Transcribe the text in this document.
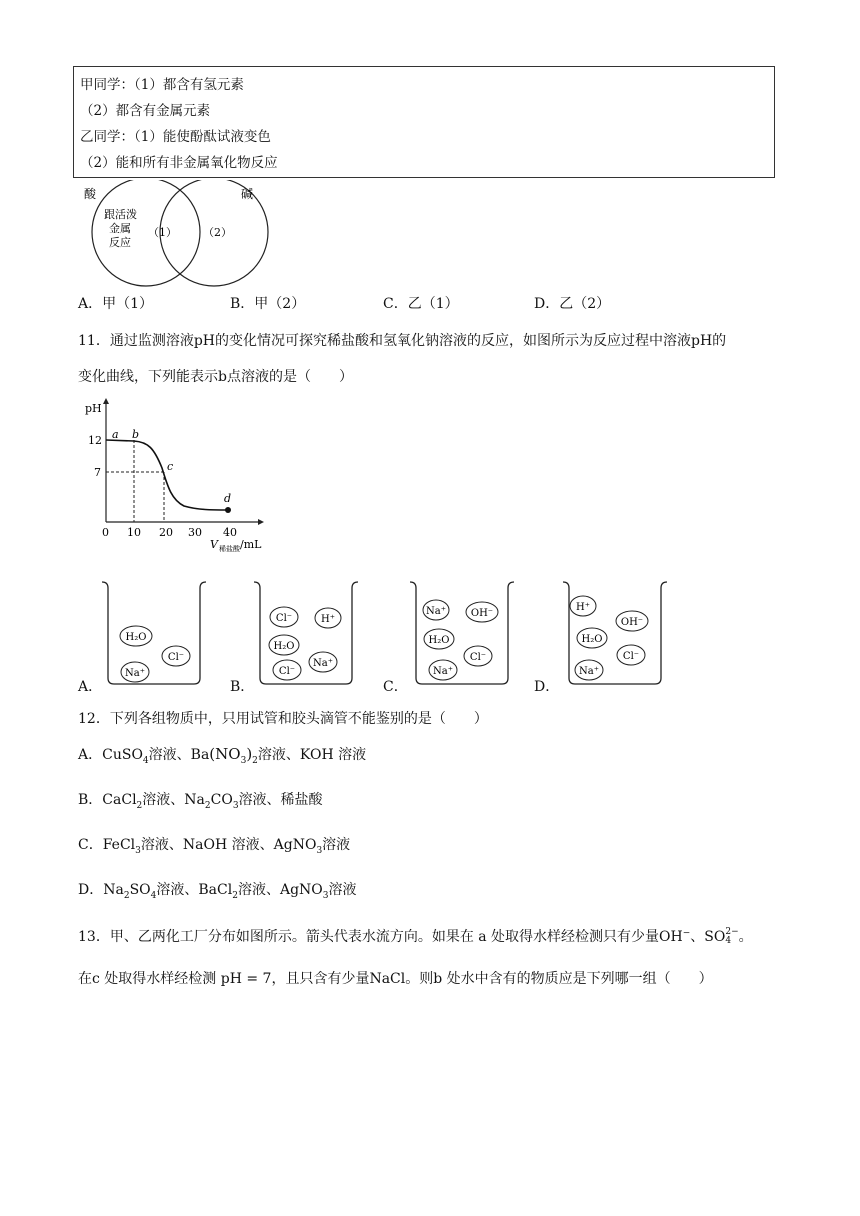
甲同学：（1）都含有氢元素
（2）都含有金属元素
乙同学：（1）能使酚酞试液变色
（2）能和所有非金属氧化物反应
酸	碱
跟活泼
金属
反应
（1） （2）
A．甲（1）	B．甲（2）	C．乙（1）	D．乙（2）
11．通过监测溶液pH的变化情况可探究稀盐酸和氢氧化钠溶液的反应，如图所示为反应过程中溶液pH的
变化曲线，下列能表示b点溶液的是（　　）
pH
12
7
0 10 20 30 40
a b
c
d
V 稀盐酸 /mL
A．
H₂O
Cl⁻
Na⁺
B．
Cl⁻	H⁺
H₂O
Na⁺
Cl⁻
C．
Na⁺ OH⁻
H₂O
Cl⁻
Na⁺
D．
H⁺
OH⁻
H₂O
Cl⁻
Na⁺
12．下列各组物质中，只用试管和胶头滴管不能鉴别的是（　　）
A．CuSO$_4$溶液、$Ba(NO_3)_2$溶液、KOH 溶液
B．CaCl$_2$溶液、$Na_2CO_3$溶液、稀盐酸
C．FeCl$_3$溶液、NaOH 溶液、AgNO$_3$溶液
D．$Na_2SO_4$溶液、BaCl$_2$溶液、AgNO$_3$溶液
13．甲、乙两化工厂分布如图所示。箭头代表水流方向。如果在 a 处取得水样经检测只有少量OH−、SO 2−
4 。
在c 处取得水样经检测 pH = 7，且只含有少量NaCl。则b 处水中含有的物质应是下列哪一组（　　）
